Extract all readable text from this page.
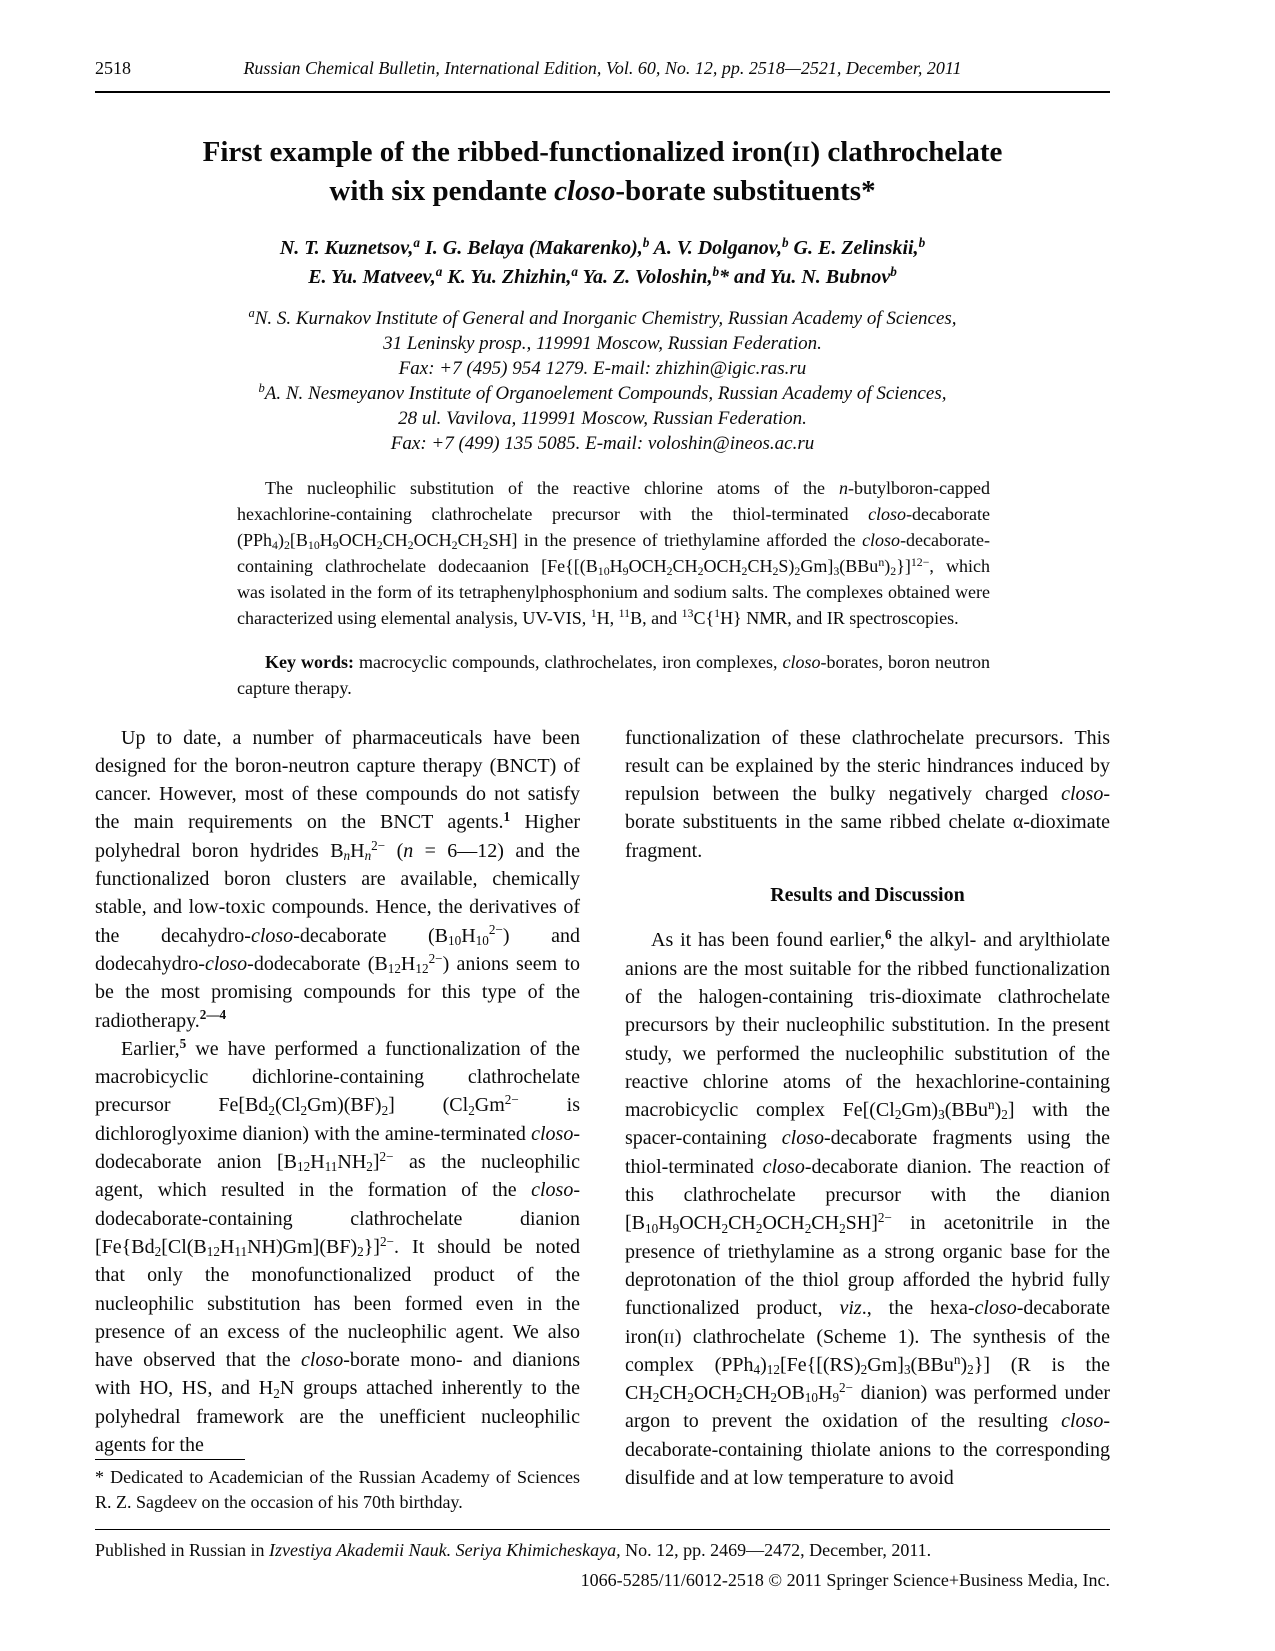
2518	Russian Chemical Bulletin, International Edition, Vol. 60, No. 12, pp. 2518—2521, December, 2011
First example of the ribbed-functionalized iron(II) clathrochelate
with six pendante closo-borate substituents*
N. T. Kuznetsov,$^a$ I. G. Belaya (Makarenko),$^b$ A. V. Dolganov,$^b$ G. E. Zelinskii,$^b$
E. Yu. Matveev,$^a$ K. Yu. Zhizhin,$^a$ Ya. Z. Voloshin,$^b$* and Yu. N. Bubnov$^b$
$^a$N. S. Kurnakov Institute of General and Inorganic Chemistry, Russian Academy of Sciences,
31 Leninsky prosp., 119991 Moscow, Russian Federation.
Fax: +7 (495) 954 1279. E-mail: zhizhin@igic.ras.ru
$^b$A. N. Nesmeyanov Institute of Organoelement Compounds, Russian Academy of Sciences,
28 ul. Vavilova, 119991 Moscow, Russian Federation.
Fax: +7 (499) 135 5085. E-mail: voloshin@ineos.ac.ru

The nucleophilic substitution of the reactive chlorine atoms of the n-butylboron-capped hexachlorine-containing clathrochelate precursor with the thiol-terminated closo-decaborate $(PPh_4)_2[B_{10}H_9OCH_2CH_2OCH_2CH_2SH]$ in the presence of triethylamine afforded the closo-decaborate-containing clathrochelate dodecaanion $[Fe\{[(B_{10}H_9OCH_2CH_2OCH_2CH_2S)_2Gm]_3(BBu^n)_2\}]^{12-}$, which was isolated in the form of its tetraphenylphosphonium and sodium salts. The complexes obtained were characterized using elemental analysis, UV-VIS, $^1$H, $^{11}$B, and $^{13}$C{$^1$H} NMR, and IR spectroscopies.

Key words: macrocyclic compounds, clathrochelates, iron complexes, closo-borates, boron neutron capture therapy.

Up to date, a number of pharmaceuticals have been designed for the boron-neutron capture therapy (BNCT) of cancer. However, most of these compounds do not satisfy the main requirements on the BNCT agents.$^1$ Higher polyhedral boron hydrides $B_nH_n^{2-}$ (n = 6—12) and the functionalized boron clusters are available, chemically stable, and low-toxic compounds. Hence, the derivatives of the decahydro-closo-decaborate $(B_{10}H_{10}^{2-})$ and dodecahydro-closo-dodecaborate $(B_{12}H_{12}^{2-})$ anions seem to be the most promising compounds for this type of the radiotherapy.$^{2—4}$

Earlier,$^5$ we have performed a functionalization of the macrobicyclic dichlorine-containing clathrochelate precursor $Fe[Bd_2(Cl_2Gm)(BF)_2]$ ($Cl_2Gm^{2-}$ is dichloroglyoxime dianion) with the amine-terminated closo-dodecaborate anion $[B_{12}H_{11}NH_2]^{2-}$ as the nucleophilic agent, which resulted in the formation of the closo-dodecaborate-containing clathrochelate dianion $[Fe\{Bd_2[Cl(B_{12}H_{11}NH)Gm](BF)_2\}]^{2-}$. It should be noted that only the monofunctionalized product of the nucleophilic substitution has been formed even in the presence of an excess of the nucleophilic agent. We also have observed that the closo-borate mono- and dianions with HO, HS, and $H_2N$ groups attached inherently to the polyhedral framework are the unefficient nucleophilic agents for the

* Dedicated to Academician of the Russian Academy of Sciences R. Z. Sagdeev on the occasion of his 70th birthday.

functionalization of these clathrochelate precursors. This result can be explained by the steric hindrances induced by repulsion between the bulky negatively charged closo-borate substituents in the same ribbed chelate α-dioximate fragment.

Results and Discussion

As it has been found earlier,$^6$ the alkyl- and arylthiolate anions are the most suitable for the ribbed functionalization of the halogen-containing tris-dioximate clathrochelate precursors by their nucleophilic substitution. In the present study, we performed the nucleophilic substitution of the reactive chlorine atoms of the hexachlorine-containing macrobicyclic complex $Fe[(Cl_2Gm)_3(BBu^n)_2]$ with the spacer-containing closo-decaborate fragments using the thiol-terminated closo-decaborate dianion. The reaction of this clathrochelate precursor with the dianion $[B_{10}H_9OCH_2CH_2OCH_2CH_2SH]^{2-}$ in acetonitrile in the presence of triethylamine as a strong organic base for the deprotonation of the thiol group afforded the hybrid fully functionalized product, viz., the hexa-closo-decaborate iron(II) clathrochelate (Scheme 1). The synthesis of the complex $(PPh_4)_{12}[Fe\{[(RS)_2Gm]_3(BBu^n)_2\}]$ (R is the $CH_2CH_2OCH_2CH_2OB_{10}H_9^{2-}$ dianion) was performed under argon to prevent the oxidation of the resulting closo-decaborate-containing thiolate anions to the corresponding disulfide and at low temperature to avoid

Published in Russian in Izvestiya Akademii Nauk. Seriya Khimicheskaya, No. 12, pp. 2469—2472, December, 2011.
1066-5285/11/6012-2518 © 2011 Springer Science+Business Media, Inc.
